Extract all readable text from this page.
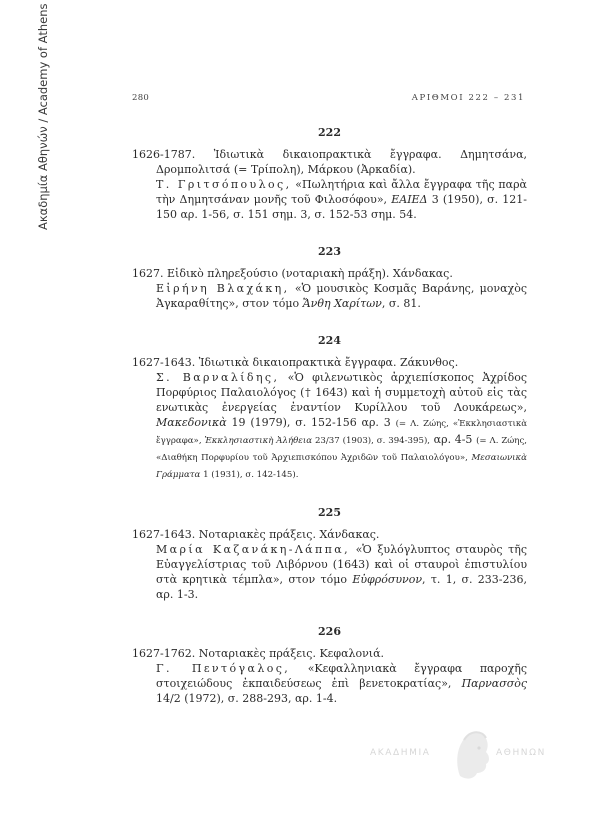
Ακαδημία Αθηνών / Academy of Athens	280	ΑΡΙΘΜΟΙ 222 – 231
222

1626-1787. Ἰδιωτικὰ δικαιοπρακτικὰ ἔγγραφα. Δημητσάνα, Δρομπολιτσά (= Τρίπολη), Μάρκου (Ἀρκαδία).

Τ. Γριτσόπουλος, «Πωλητήρια καὶ ἄλλα ἔγγραφα τῆς παρὰ τὴν Δημητσάναν μονῆς τοῦ Φιλοσόφου», ΕΑΙΕΔ 3 (1950), σ. 121-150 αρ. 1-56, σ. 151 σημ. 3, σ. 152-53 σημ. 54.

223

1627. Εἰδικὸ πληρεξούσιο (νοταριακὴ πράξη). Χάνδακας.

Εἰρήνη Βλαχάκη, «Ὁ μουσικὸς Κοσμᾶς Βαράνης, μοναχὸς Ἀγκαραθίτης», στον τόμο Ἄνθη Χαρίτων, σ. 81.

224

1627-1643. Ἰδιωτικὰ δικαιοπρακτικὰ ἔγγραφα. Ζάκυνθος.

Σ. Βαρναλίδης, «Ὁ φιλενωτικὸς ἀρχιεπίσκοπος Ἀχρίδος Πορφύριος Παλαιολόγος († 1643) καὶ ἡ συμμετοχὴ αὐτοῦ εἰς τὰς ενωτικὰς ἐνεργείας ἐναντίον Κυρίλλου τοῦ Λουκάρεως», Μακεδονικὰ 19 (1979), σ. 152-156 αρ. 3 (= Λ. Ζώης, «Ἐκκλησιαστικὰ ἔγγραφα», Ἐκκλησιαστικὴ Ἀλήθεια 23/37 (1903), σ. 394-395), αρ. 4-5 (= Λ. Ζώης, «Διαθήκη Πορφυρίου τοῦ Ἀρχιεπισκόπου Ἀχριδῶν τοῦ Παλαιολόγου», Μεσαιωνικὰ Γράμματα 1 (1931), σ. 142-145).

225

1627-1643. Νοταριακὲς πράξεις. Χάνδακας.

Μαρία Καζανάκη-Λάππα, «Ὁ ξυλόγλυπτος σταυρὸς τῆς Εὐαγγελίστριας τοῦ Λιβόρνου (1643) καὶ οἱ σταυροὶ ἐπιστυλίου στὰ κρητικὰ τέμπλα», στον τόμο Εὐφρόσυνον, τ. 1, σ. 233-236, αρ. 1-3.

226

1627-1762. Νοταριακὲς πράξεις. Κεφαλονιά.

Γ. Πεντόγαλος, «Κεφαλληνιακὰ ἔγγραφα παροχῆς στοιχειώδους ἐκπαιδεύσεως ἐπὶ βενετοκρατίας», Παρνασσὸς 14/2 (1972), σ. 288-293, αρ. 1-4.

ΑΚΑΔΗΜΙΑ	ΑΘΗΝΩΝ
